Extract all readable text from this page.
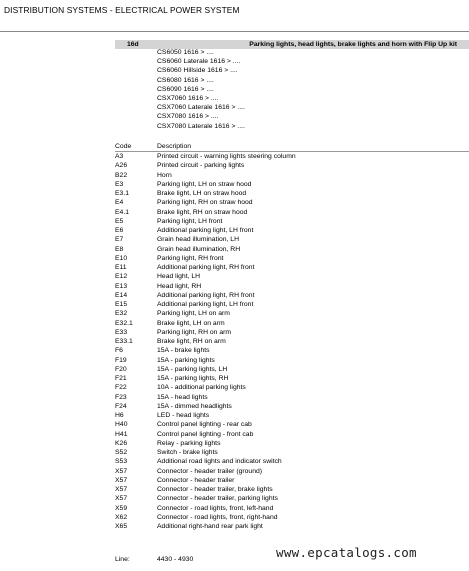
DISTRIBUTION SYSTEMS - ELECTRICAL POWER SYSTEM
16d	Parking lights, head lights, brake lights and horn with Flip Up kit
CS6050 1616 > ....
CS6060 Laterale 1616 > ....
CS6060 Hillside 1616 > ....
CS6080 1616 > ....
CS6090 1616 > ....
CSX7060 1616 > ....
CSX7060 Laterale 1616 > ....
CSX7080 1616 > ....
CSX7080 Laterale 1616 > ....
Code	Description
A3	Printed circuit - warning lights steering column
A26	Printed circuit - parking lights
B22	Horn
E3	Parking light, LH on straw hood
E3.1	Brake light, LH on straw hood
E4	Parking light, RH on straw hood
E4.1	Brake light, RH on straw hood
E5	Parking light, LH front
E6	Additional parking light, LH front
E7	Grain head illumination, LH
E8	Grain head illumination, RH
E10	Parking light, RH front
E11	Additional parking light, RH front
E12	Head light, LH
E13	Head light, RH
E14	Additional parking light, RH front
E15	Additional parking light, LH front
E32	Parking light, LH on arm
E32.1	Brake light, LH on arm
E33	Parking light, RH on arm
E33.1	Brake light, RH on arm
F6	15A - brake lights
F19	15A - parking lights
F20	15A - parking lights, LH
F21	15A - parking lights, RH
F22	10A - additional parking lights
F23	15A - head lights
F24	15A - dimmed headlights
H6	LED - head lights
H40	Control panel lighting - rear cab
H41	Control panel lighting - front cab
K26	Relay - parking lights
S52	Switch - brake lights
S53	Additional road lights and indicator switch
X57	Connector - header trailer (ground)
X57	Connector - header trailer
X57	Connector - header trailer, brake lights
X57	Connector - header trailer, parking lights
X59	Connector - road lights, front, left-hand
X62	Connector - road lights, front, right-hand
X65	Additional right-hand rear park light
Line:	4430 - 4930	www.epcatalogs.com
